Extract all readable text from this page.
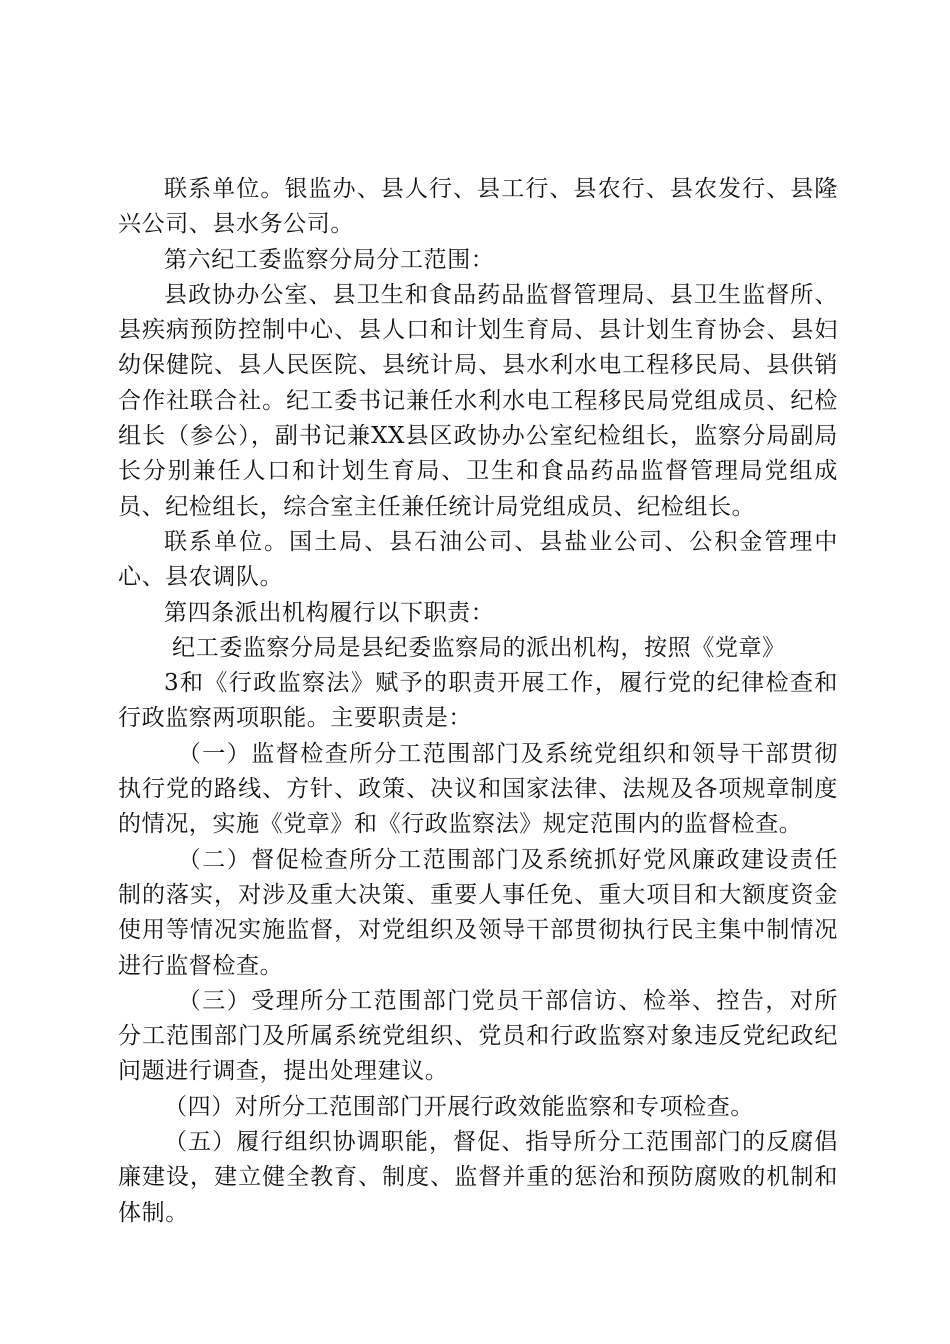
联系单位。银监办、县人行、县工行、县农行、县农发行、县隆兴公司、县水务公司。

第六纪工委监察分局分工范围：

县政协办公室、县卫生和食品药品监督管理局、县卫生监督所、县疾病预防控制中心、县人口和计划生育局、县计划生育协会、县妇幼保健院、县人民医院、县统计局、县水利水电工程移民局、县供销合作社联合社。纪工委书记兼任水利水电工程移民局党组成员、纪检组长（参公），副书记兼XX县区政协办公室纪检组长，监察分局副局长分别兼任人口和计划生育局、卫生和食品药品监督管理局党组成员、纪检组长，综合室主任兼任统计局党组成员、纪检组长。

联系单位。国土局、县石油公司、县盐业公司、公积金管理中心、县农调队。

第四条派出机构履行以下职责：

纪工委监察分局是县纪委监察局的派出机构，按照《党章》

3和《行政监察法》赋予的职责开展工作，履行党的纪律检查和行政监察两项职能。主要职责是：

（一）监督检查所分工范围部门及系统党组织和领导干部贯彻执行党的路线、方针、政策、决议和国家法律、法规及各项规章制度的情况，实施《党章》和《行政监察法》规定范围内的监督检查。

（二）督促检查所分工范围部门及系统抓好党风廉政建设责任制的落实，对涉及重大决策、重要人事任免、重大项目和大额度资金使用等情况实施监督，对党组织及领导干部贯彻执行民主集中制情况进行监督检查。

（三）受理所分工范围部门党员干部信访、检举、控告，对所分工范围部门及所属系统党组织、党员和行政监察对象违反党纪政纪问题进行调查，提出处理建议。

（四）对所分工范围部门开展行政效能监察和专项检查。

（五）履行组织协调职能，督促、指导所分工范围部门的反腐倡廉建设，建立健全教育、制度、监督并重的惩治和预防腐败的机制和体制。
